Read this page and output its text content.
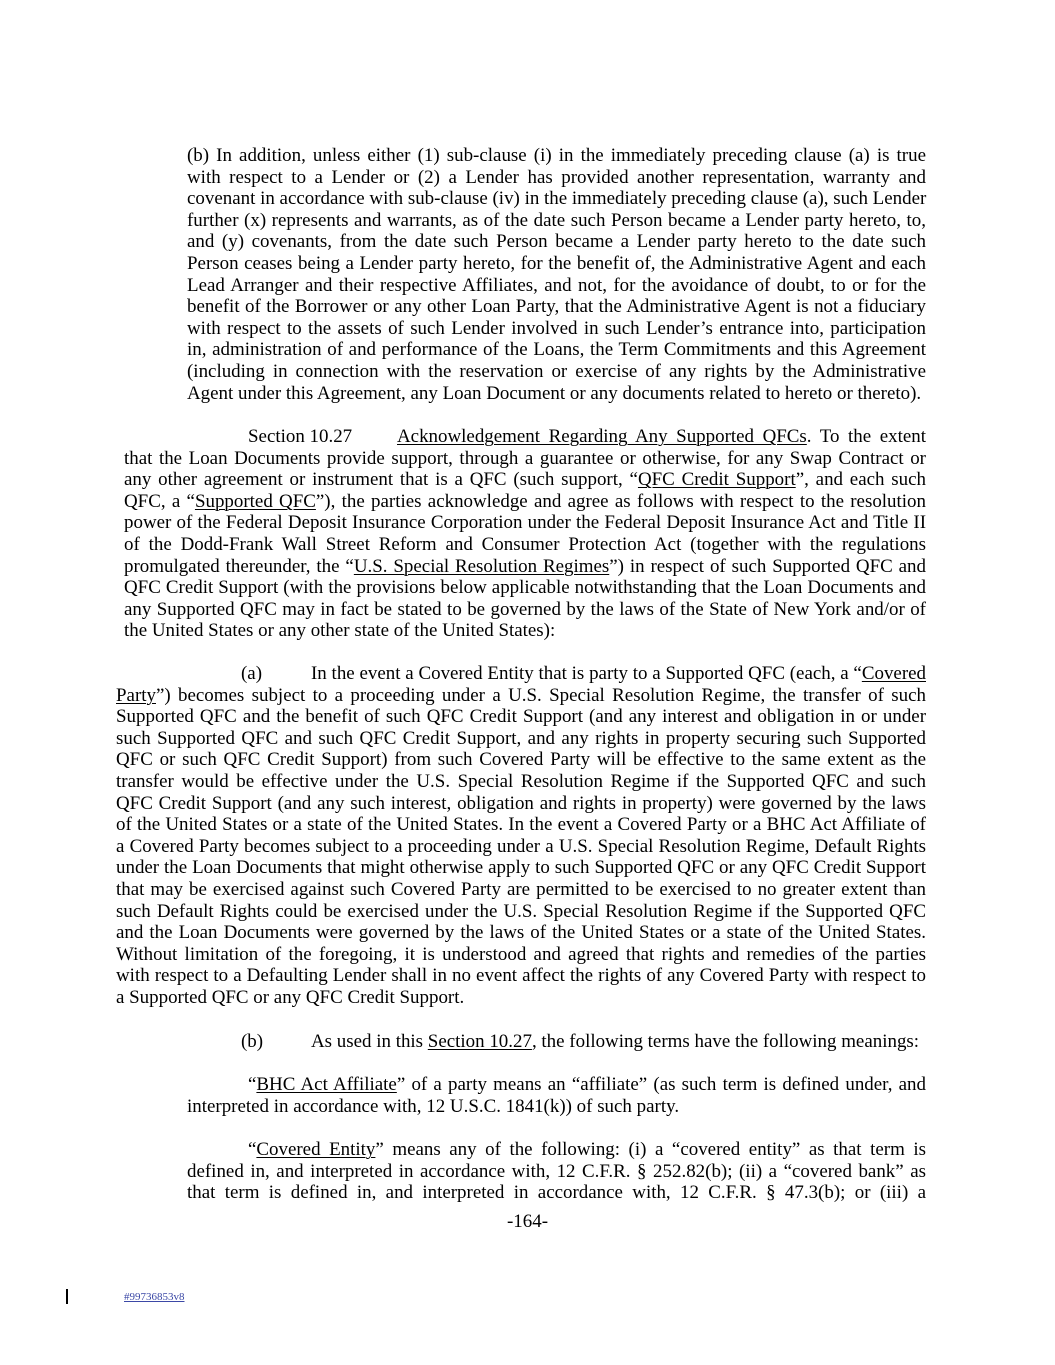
(b) In addition, unless either (1) sub-clause (i) in the immediately preceding clause (a) is true
with respect to a Lender or (2) a Lender has provided another representation, warranty and
covenant in accordance with sub-clause (iv) in the immediately preceding clause (a), such Lender
further (x) represents and warrants, as of the date such Person became a Lender party hereto, to,
and (y) covenants, from the date such Person became a Lender party hereto to the date such
Person ceases being a Lender party hereto, for the benefit of, the Administrative Agent and each
Lead Arranger and their respective Affiliates, and not, for the avoidance of doubt, to or for the
benefit of the Borrower or any other Loan Party, that the Administrative Agent is not a fiduciary
with respect to the assets of such Lender involved in such Lender’s entrance into, participation
in, administration of and performance of the Loans, the Term Commitments and this Agreement
(including in connection with the reservation or exercise of any rights by the Administrative
Agent under this Agreement, any Loan Document or any documents related to hereto or thereto).
Section 10.27 Acknowledgement Regarding Any Supported QFCs. To the extent
that the Loan Documents provide support, through a guarantee or otherwise, for any Swap Contract or
any other agreement or instrument that is a QFC (such support, “QFC Credit Support”, and each such
QFC, a “Supported QFC”), the parties acknowledge and agree as follows with respect to the resolution
power of the Federal Deposit Insurance Corporation under the Federal Deposit Insurance Act and Title II
of the Dodd-Frank Wall Street Reform and Consumer Protection Act (together with the regulations
promulgated thereunder, the “U.S. Special Resolution Regimes”) in respect of such Supported QFC and
QFC Credit Support (with the provisions below applicable notwithstanding that the Loan Documents and
any Supported QFC may in fact be stated to be governed by the laws of the State of New York and/or of
the United States or any other state of the United States):
(a)	In the event a Covered Entity that is party to a Supported QFC (each, a “Covered
Party”) becomes subject to a proceeding under a U.S. Special Resolution Regime, the transfer of such
Supported QFC and the benefit of such QFC Credit Support (and any interest and obligation in or under
such Supported QFC and such QFC Credit Support, and any rights in property securing such Supported
QFC or such QFC Credit Support) from such Covered Party will be effective to the same extent as the
transfer would be effective under the U.S. Special Resolution Regime if the Supported QFC and such
QFC Credit Support (and any such interest, obligation and rights in property) were governed by the laws
of the United States or a state of the United States. In the event a Covered Party or a BHC Act Affiliate of
a Covered Party becomes subject to a proceeding under a U.S. Special Resolution Regime, Default Rights
under the Loan Documents that might otherwise apply to such Supported QFC or any QFC Credit Support
that may be exercised against such Covered Party are permitted to be exercised to no greater extent than
such Default Rights could be exercised under the U.S. Special Resolution Regime if the Supported QFC
and the Loan Documents were governed by the laws of the United States or a state of the United States.
Without limitation of the foregoing, it is understood and agreed that rights and remedies of the parties
with respect to a Defaulting Lender shall in no event affect the rights of any Covered Party with respect to
a Supported QFC or any QFC Credit Support.
(b)	As used in this Section 10.27, the following terms have the following meanings:
“BHC Act Affiliate” of a party means an “affiliate” (as such term is defined under, and
interpreted in accordance with, 12 U.S.C. 1841(k)) of such party.
“Covered Entity” means any of the following: (i) a “covered entity” as that term is
defined in, and interpreted in accordance with, 12 C.F.R. § 252.82(b); (ii) a “covered bank” as
that term is defined in, and interpreted in accordance with, 12 C.F.R. § 47.3(b); or (iii) a
-164-
#99736853v8
